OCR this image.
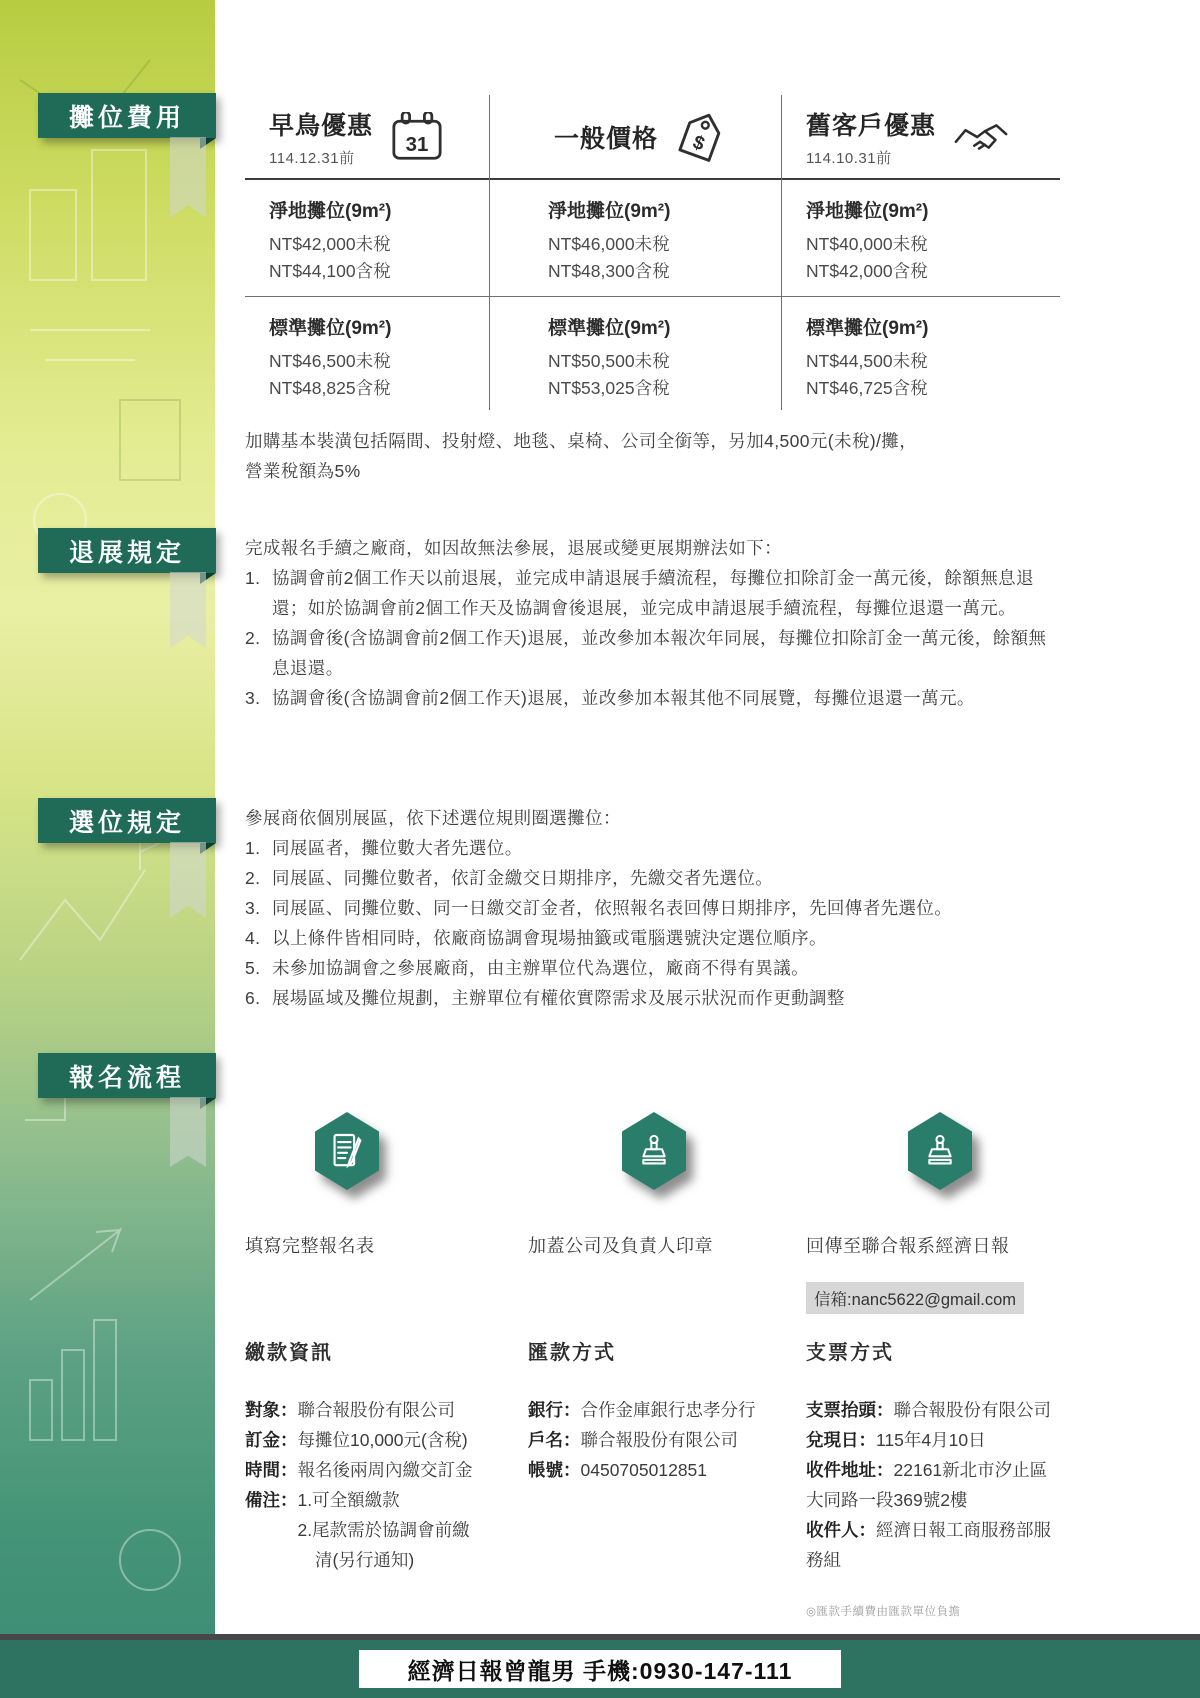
攤位費用
退展規定
選位規定
報名流程
早鳥優惠
114.12.31前
31
淨地攤位(9m²)
NT$42,000未稅
NT$44,100含稅
標準攤位(9m²)
NT$46,500未稅
NT$48,825含稅
一般價格 $
淨地攤位(9m²)
NT$46,000未稅
NT$48,300含稅
標準攤位(9m²)
NT$50,500未稅
NT$53,025含稅
舊客戶優惠
114.10.31前
淨地攤位(9m²)
NT$40,000未稅
NT$42,000含稅
標準攤位(9m²)
NT$44,500未稅
NT$46,725含稅
加購基本裝潢包括隔間、投射燈、地毯、桌椅、公司全銜等，另加4,500元(未稅)/攤，
營業稅額為5%
完成報名手續之廠商，如因故無法參展，退展或變更展期辦法如下：
1. 協調會前2個工作天以前退展，並完成申請退展手續流程，每攤位扣除訂金一萬元後，餘額無息退還；如於協調會前2個工作天及協調會後退展，並完成申請退展手續流程，每攤位退還一萬元。
2. 協調會後(含協調會前2個工作天)退展，並改參加本報次年同展，每攤位扣除訂金一萬元後，餘額無息退還。
3. 協調會後(含協調會前2個工作天)退展，並改參加本報其他不同展覽，每攤位退還一萬元。
參展商依個別展區，依下述選位規則圈選攤位：
1. 同展區者，攤位數大者先選位。
2. 同展區、同攤位數者，依訂金繳交日期排序，先繳交者先選位。
3. 同展區、同攤位數、同一日繳交訂金者，依照報名表回傳日期排序，先回傳者先選位。
4. 以上條件皆相同時，依廠商協調會現場抽籤或電腦選號決定選位順序。
5. 未參加協調會之參展廠商，由主辦單位代為選位，廠商不得有異議。
6. 展場區域及攤位規劃，主辦單位有權依實際需求及展示狀況而作更動調整
填寫完整報名表	加蓋公司及負責人印章	回傳至聯合報系經濟日報
信箱:nanc5622@gmail.com
繳款資訊
對象：聯合報股份有限公司
訂金：每攤位10,000元(含稅)
時間：報名後兩周內繳交訂金
備注：1.可全額繳款
　　　2.尾款需於協調會前繳
　　　　清(另行通知)
匯款方式
銀行：合作金庫銀行忠孝分行
戶名：聯合報股份有限公司
帳號：0450705012851
支票方式
支票抬頭：聯合報股份有限公司
兌現日：115年4月10日
收件地址：22161新北市汐止區大同路一段369號2樓
收件人：經濟日報工商服務部服務組
◎匯款手續費由匯款單位負擔
經濟日報曾龍男 手機:0930-147-111
